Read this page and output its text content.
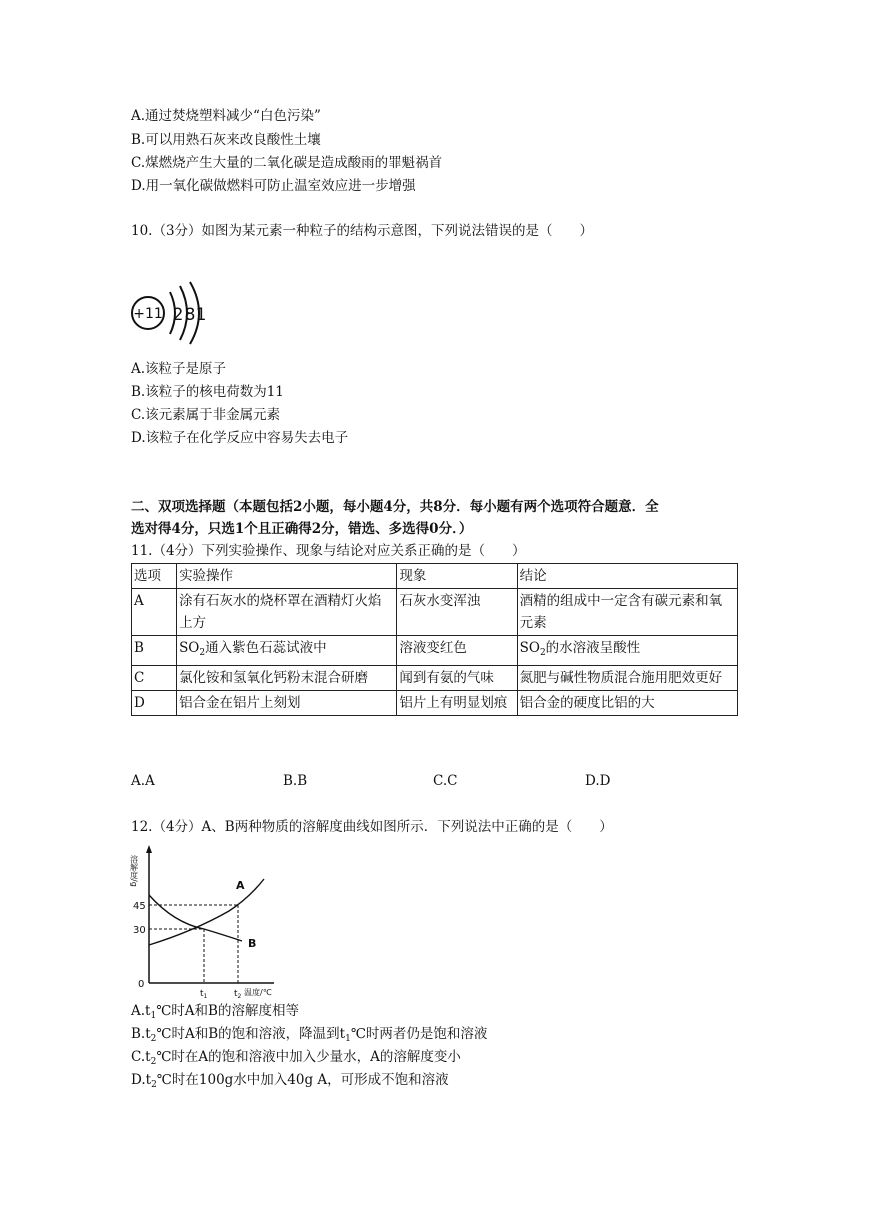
A.通过焚烧塑料减少“白色污染”
B.可以用熟石灰来改良酸性土壤
C.煤燃烧产生大量的二氧化碳是造成酸雨的罪魁祸首
D.用一氧化碳做燃料可防止温室效应进一步增强
10.（3分）如图为某元素一种粒子的结构示意图，下列说法错误的是（　　）
+11 2 8 1
A.该粒子是原子
B.该粒子的核电荷数为11
C.该元素属于非金属元素
D.该粒子在化学反应中容易失去电子
二、双项选择题（本题包括2小题，每小题4分，共8分．每小题有两个选项符合题意．全
选对得4分，只选1个且正确得2分，错选、多选得0分．）
11.（4分）下列实验操作、现象与结论对应关系正确的是（　　）
选项	实验操作	现象	结论
A	涂有石灰水的烧杯罩在酒精灯火焰上方	石灰水变浑浊	酒精的组成中一定含有碳元素和氧元素
B	$SO_2$通入紫色石蕊试液中	溶液变红色	$SO_2$的水溶液呈酸性
C	氯化铵和氢氧化钙粉末混合研磨	闻到有氨的气味	氮肥与碱性物质混合施用肥效更好
D	铝合金在铝片上刻划	铝片上有明显划痕	铝合金的硬度比铝的大
A.A	B.B	C.C	D.D
12.（4分）A、B两种物质的溶解度曲线如图所示．下列说法中正确的是（　　）
溶解度/g	A
B
45
30
0
$t_1$	$t_2$ 温度/℃
$A.t_1℃$时A和B的溶解度相等
$B.t_2℃$时A和B的饱和溶液，降温到$t_1℃$时两者仍是饱和溶液
$C.t_2℃$时在A的饱和溶液中加入少量水，A的溶解度变小
$D.t_2℃$时在100g水中加入40g A，可形成不饱和溶液
